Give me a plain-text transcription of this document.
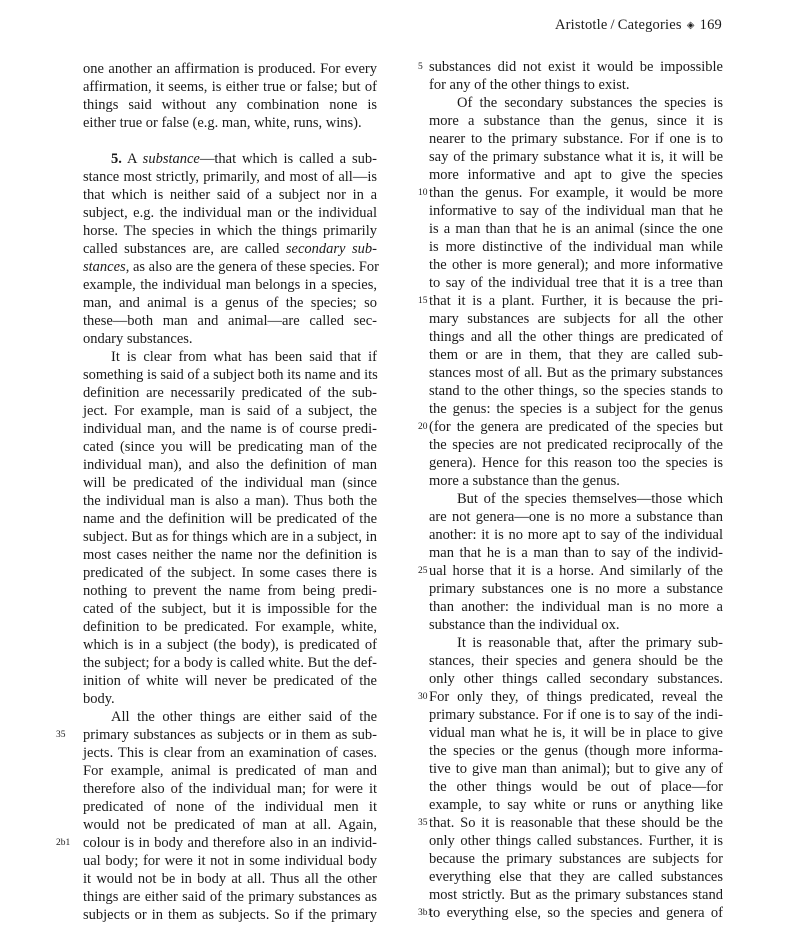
Aristotle / Categories ◈ 169
one another an affirmation is produced. For every
affirmation, it seems, is either true or false; but of
things said without any combination none is
either true or false (e.g. man, white, runs, wins).
5. A substance—that which is called a sub-
stance most strictly, primarily, and most of all—is
that which is neither said of a subject nor in a
subject, e.g. the individual man or the individual
horse. The species in which the things primarily
called substances are, are called secondary sub-
stances, as also are the genera of these species. For
example, the individual man belongs in a species,
man, and animal is a genus of the species; so
these—both man and animal—are called sec-
ondary substances.
It is clear from what has been said that if
something is said of a subject both its name and its
definition are necessarily predicated of the sub-
ject. For example, man is said of a subject, the
individual man, and the name is of course predi-
cated (since you will be predicating man of the
individual man), and also the definition of man
will be predicated of the individual man (since
the individual man is also a man). Thus both the
name and the definition will be predicated of the
subject. But as for things which are in a subject, in
most cases neither the name nor the definition is
predicated of the subject. In some cases there is
nothing to prevent the name from being predi-
cated of the subject, but it is impossible for the
definition to be predicated. For example, white,
which is in a subject (the body), is predicated of
the subject; for a body is called white. But the def-
inition of white will never be predicated of the
body.
All the other things are either said of the
primary substances as subjects or in them as sub-
35
jects. This is clear from an examination of cases.
For example, animal is predicated of man and
therefore also of the individual man; for were it
predicated of none of the individual men it
would not be predicated of man at all. Again,
colour is in body and therefore also in an individ-
2b1
ual body; for were it not in some individual body
it would not be in body at all. Thus all the other
things are either said of the primary substances as
subjects or in them as subjects. So if the primary
substances did not exist it would be impossible
5
for any of the other things to exist.
Of the secondary substances the species is
more a substance than the genus, since it is
nearer to the primary substance. For if one is to
say of the primary substance what it is, it will be
more informative and apt to give the species
than the genus. For example, it would be more
10
informative to say of the individual man that he
is a man than that he is an animal (since the one
is more distinctive of the individual man while
the other is more general); and more informative
to say of the individual tree that it is a tree than
that it is a plant. Further, it is because the pri-
15
mary substances are subjects for all the other
things and all the other things are predicated of
them or are in them, that they are called sub-
stances most of all. But as the primary substances
stand to the other things, so the species stands to
the genus: the species is a subject for the genus
(for the genera are predicated of the species but
20
the species are not predicated reciprocally of the
genera). Hence for this reason too the species is
more a substance than the genus.
But of the species themselves—those which
are not genera—one is no more a substance than
another: it is no more apt to say of the individual
man that he is a man than to say of the individ-
ual horse that it is a horse. And similarly of the
25
primary substances one is no more a substance
than another: the individual man is no more a
substance than the individual ox.
It is reasonable that, after the primary sub-
stances, their species and genera should be the
only other things called secondary substances.
For only they, of things predicated, reveal the
30
primary substance. For if one is to say of the indi-
vidual man what he is, it will be in place to give
the species or the genus (though more informa-
tive to give man than animal); but to give any of
the other things would be out of place—for
example, to say white or runs or anything like
that. So it is reasonable that these should be the
35
only other things called substances. Further, it is
because the primary substances are subjects for
everything else that they are called substances
most strictly. But as the primary substances stand
to everything else, so the species and genera of
3b1
